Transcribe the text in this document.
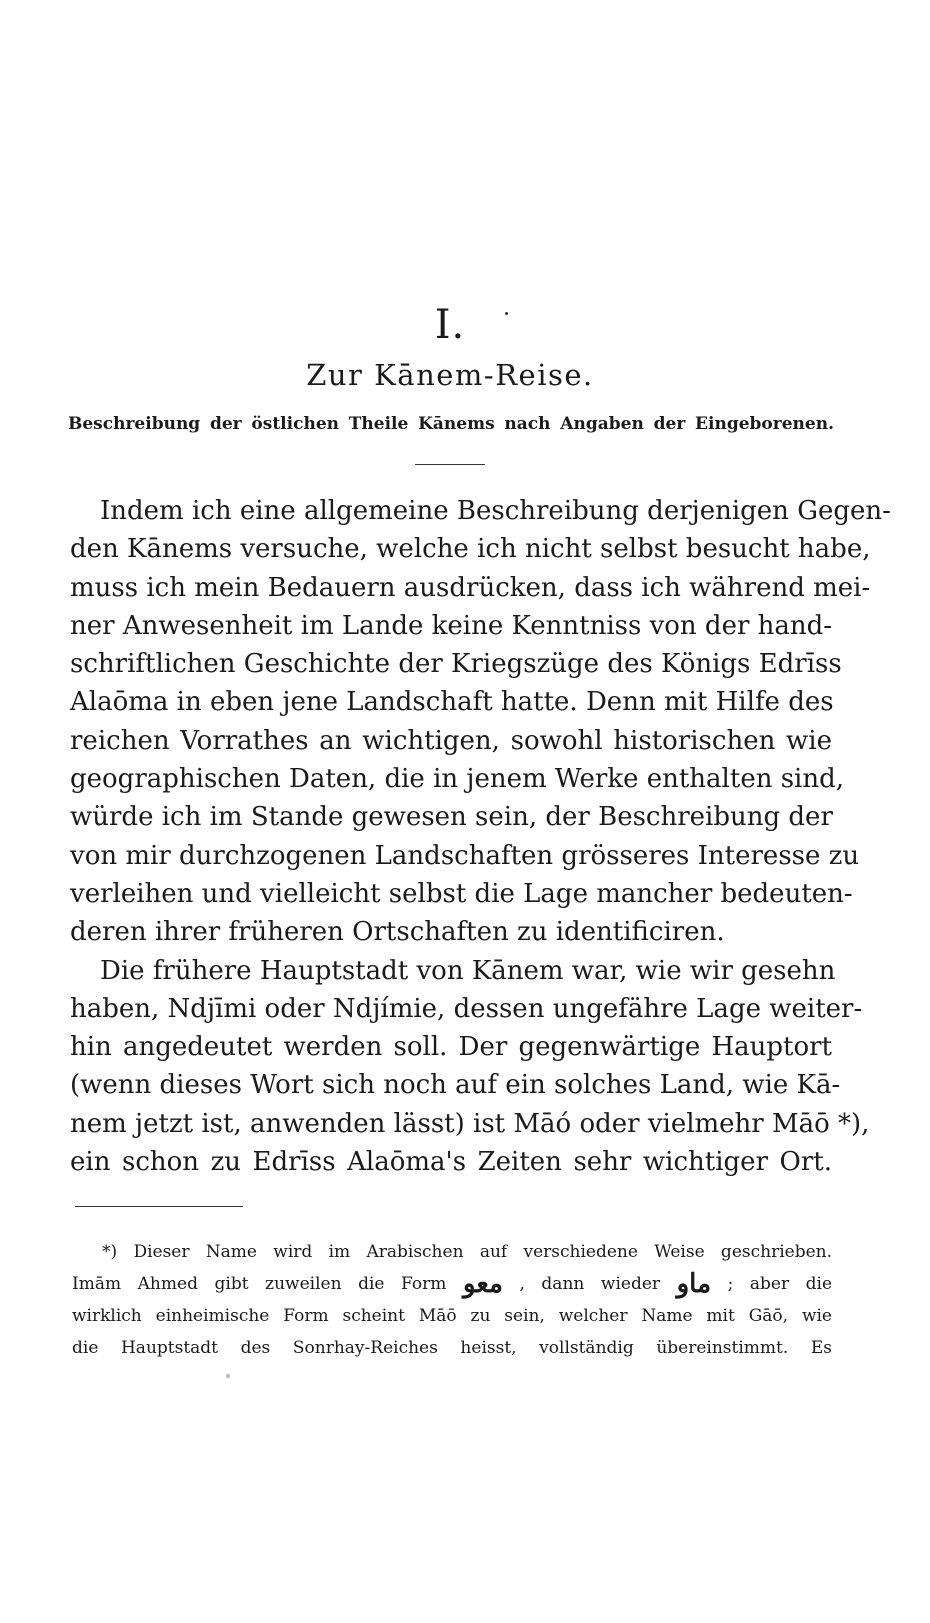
I.
Zur Kānem-Reise.
Beschreibung der östlichen Theile Kānems nach Angaben der Eingeborenen.
Indem ich eine allgemeine Beschreibung derjenigen Gegen-
den Kānems versuche, welche ich nicht selbst besucht habe,
muss ich mein Bedauern ausdrücken, dass ich während mei-
ner Anwesenheit im Lande keine Kenntniss von der hand-
schriftlichen Geschichte der Kriegszüge des Königs Edrīss
Alaōma in eben jene Landschaft hatte. Denn mit Hilfe des
reichen Vorrathes an wichtigen, sowohl historischen wie
geographischen Daten, die in jenem Werke enthalten sind,
würde ich im Stande gewesen sein, der Beschreibung der
von mir durchzogenen Landschaften grösseres Interesse zu
verleihen und vielleicht selbst die Lage mancher bedeuten-
deren ihrer früheren Ortschaften zu identificiren.
Die frühere Hauptstadt von Kānem war, wie wir gesehn
haben, Ndjīmi oder Ndjímie, dessen ungefähre Lage weiter-
hin angedeutet werden soll. Der gegenwärtige Hauptort
(wenn dieses Wort sich noch auf ein solches Land, wie Kā-
nem jetzt ist, anwenden lässt) ist Māó oder vielmehr Māō *),
ein schon zu Edrīss Alaōma's Zeiten sehr wichtiger Ort.
*) Dieser Name wird im Arabischen auf verschiedene Weise geschrieben.
Imām Ahmed gibt zuweilen die Form معو , dann wieder ماو ; aber die
wirklich einheimische Form scheint Māō zu sein, welcher Name mit Gāō, wie
die Hauptstadt des Sonrhay-Reiches heisst, vollständig übereinstimmt. Es
